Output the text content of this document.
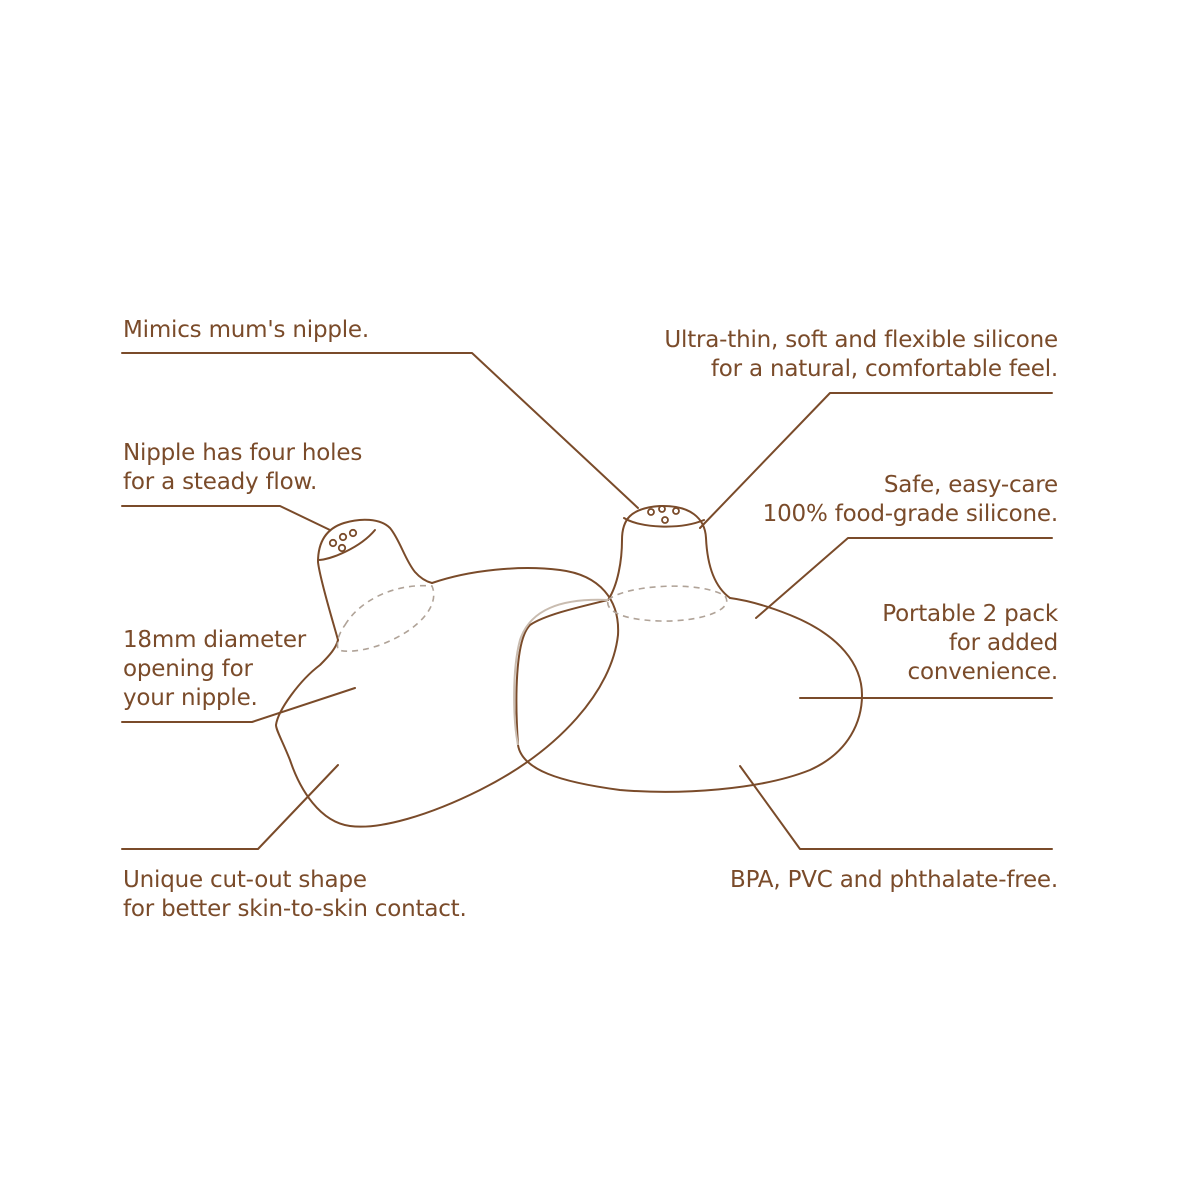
Mimics mum's nipple.
Nipple has four holes
for a steady flow.
18mm diameter
opening for
your nipple.
Unique cut-out shape
for better skin-to-skin contact.
Ultra-thin, soft and flexible silicone
for a natural, comfortable feel.
Safe, easy-care
100% food-grade silicone.
Portable 2 pack
for added
convenience.
BPA, PVC and phthalate-free.
